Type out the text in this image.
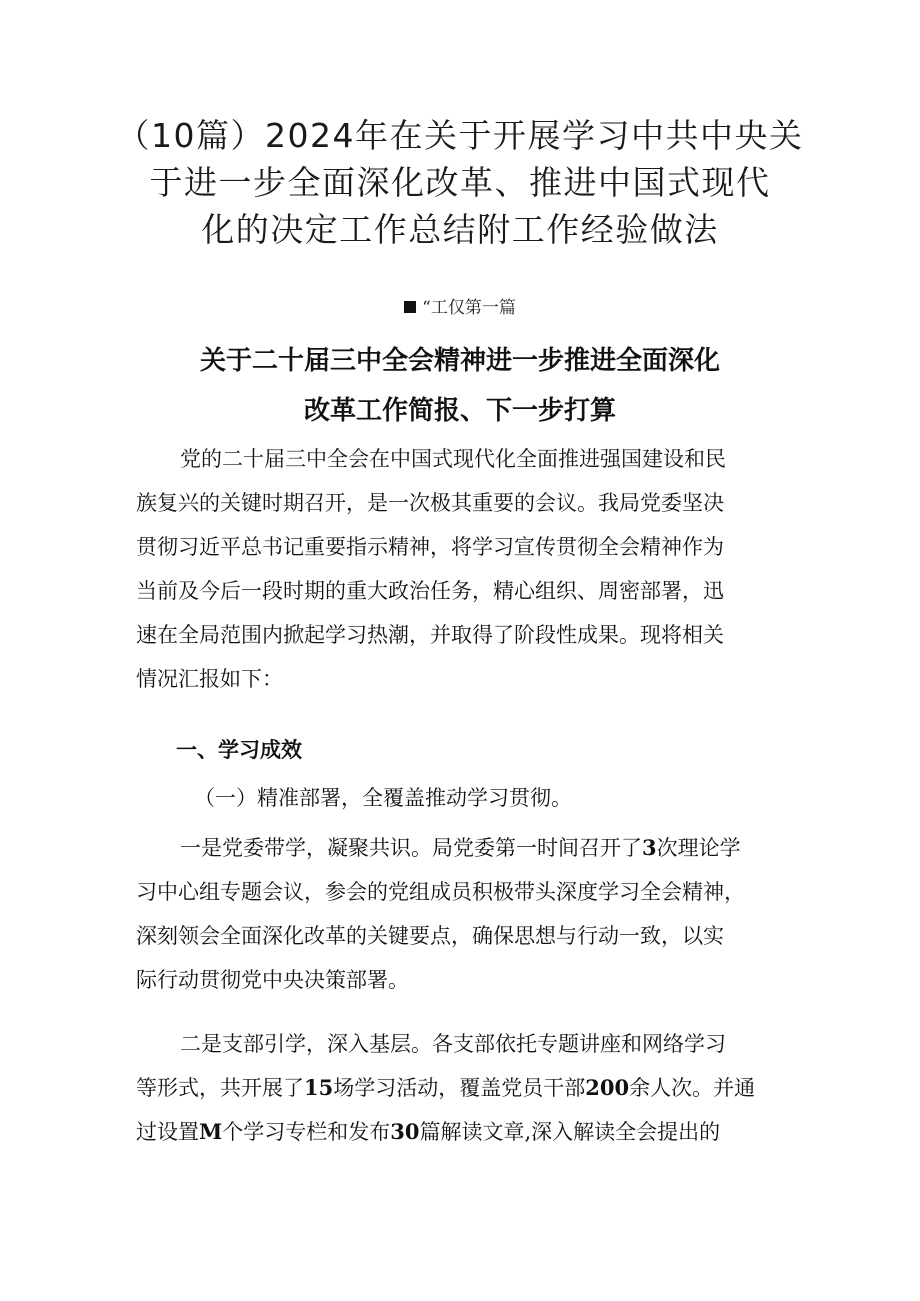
（10篇）2024年在关于开展学习中共中央关
于进一步全面深化改革、推进中国式现代
化的决定工作总结附工作经验做法
“工仅第一篇
关于二十届三中全会精神进一步推进全面深化
改革工作简报、下一步打算

党的二十届三中全会在中国式现代化全面推进强国建设和民
族复兴的关键时期召开，是一次极其重要的会议。我局党委坚决
贯彻习近平总书记重要指示精神，将学习宣传贯彻全会精神作为
当前及今后一段时期的重大政治任务，精心组织、周密部署，迅
速在全局范围内掀起学习热潮，并取得了阶段性成果。现将相关
情况汇报如下：

一、学习成效

（一）精准部署，全覆盖推动学习贯彻。

一是党委带学，凝聚共识。局党委第一时间召开了3次理论学
习中心组专题会议，参会的党组成员积极带头深度学习全会精神，
深刻领会全面深化改革的关键要点，确保思想与行动一致，以实
际行动贯彻党中央决策部署。

二是支部引学，深入基层。各支部依托专题讲座和网络学习
等形式，共开展了15场学习活动，覆盖党员干部200余人次。并通
过设置M个学习专栏和发布30篇解读文章,深入解读全会提出的
